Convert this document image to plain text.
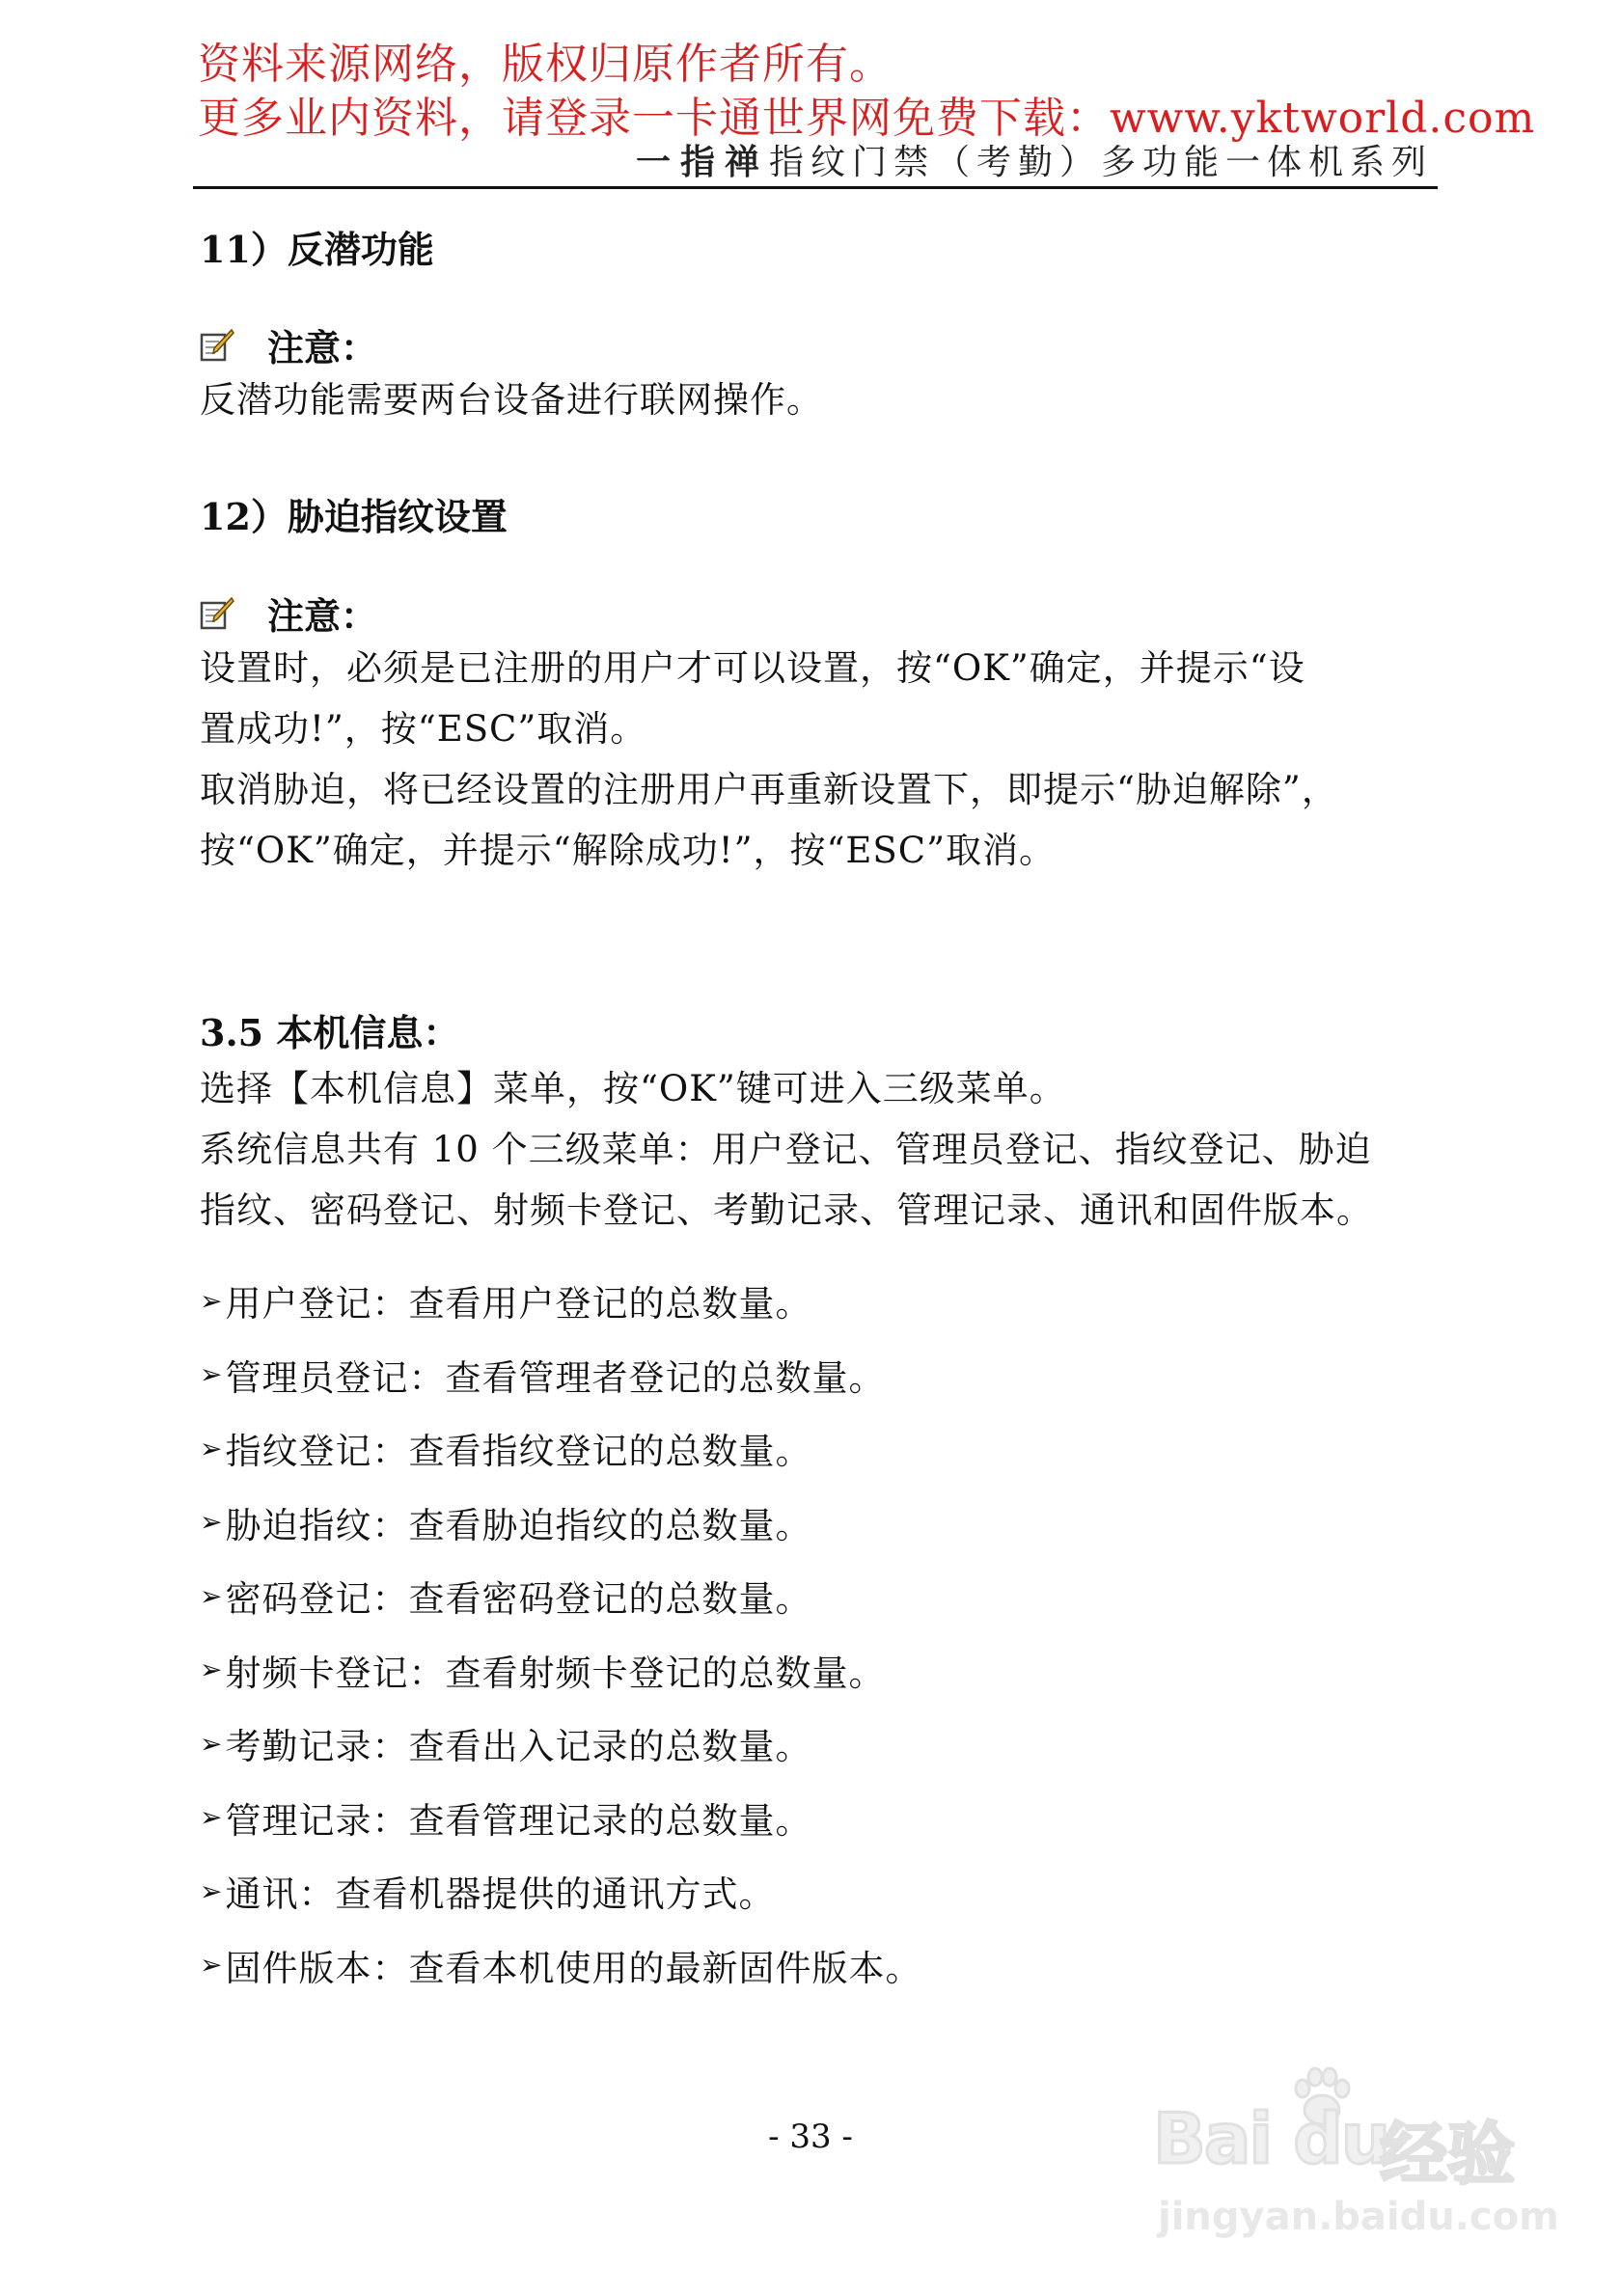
资料来源网络，版权归原作者所有。
更多业内资料，请登录一卡通世界网免费下载：www.yktworld.com
一指禅指纹门禁（考勤）多功能一体机系列
11）反潜功能
注意：
反潜功能需要两台设备进行联网操作。
12）胁迫指纹设置
注意：
设置时，必须是已注册的用户才可以设置，按“OK”确定，并提示“设
置成功!”，按“ESC”取消。
取消胁迫，将已经设置的注册用户再重新设置下，即提示“胁迫解除”，
按“OK”确定，并提示“解除成功!”，按“ESC”取消。
3.5 本机信息：
选择【本机信息】菜单，按“OK”键可进入三级菜单。
系统信息共有 10 个三级菜单：用户登记、管理员登记、指纹登记、胁迫
指纹、密码登记、射频卡登记、考勤记录、管理记录、通讯和固件版本。
➢ 用户登记：查看用户登记的总数量。
➢ 管理员登记：查看管理者登记的总数量。
➢ 指纹登记：查看指纹登记的总数量。
➢ 胁迫指纹：查看胁迫指纹的总数量。
➢ 密码登记：查看密码登记的总数量。
➢ 射频卡登记：查看射频卡登记的总数量。
➢ 考勤记录：查看出入记录的总数量。
➢ 管理记录：查看管理记录的总数量。
➢ 通讯：查看机器提供的通讯方式。
➢ 固件版本：查看本机使用的最新固件版本。
- 33 -	Bai du
经验
jingyan.baidu.com
